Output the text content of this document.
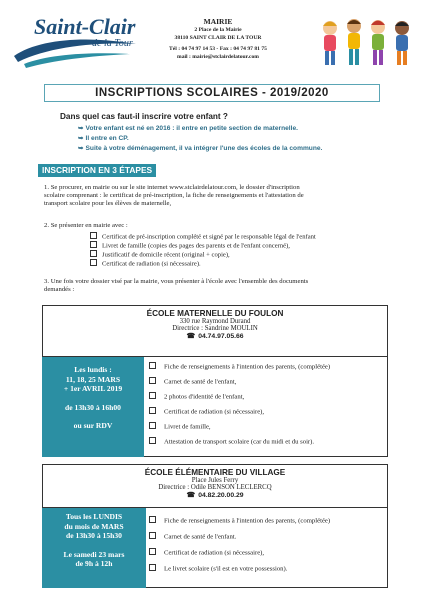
Saint-Clair
de la Tour
MAIRIE
2 Place de la Mairie
38110 SAINT CLAIR DE LA TOUR
Tél : 04 74 97 14 53 - Fax : 04 74 97 81 75
mail : mairie@stclairdelatour.com
INSCRIPTIONS SCOLAIRES - 2019/2020
Dans quel cas faut-il inscrire votre enfant ?
➥ Votre enfant est né en 2016 : il entre en petite section de maternelle.
➥ Il entre en CP.
➥ Suite à votre déménagement, il va intégrer l'une des écoles de la commune.
INSCRIPTION EN 3 ÉTAPES : 1. Se procurer, en mairie ou sur le site internet www.stclairdelatour.com, le dossier d'inscription
scolaire comprenant : le certificat de pré-inscription, la fiche de renseignements et l'attestation de
transport scolaire pour les élèves de maternelle,
2. Se présenter en mairie avec :
Certificat de pré-inscription complété et signé par le responsable légal de l'enfant
Livret de famille (copies des pages des parents et de l'enfant concerné),
Justificatif de domicile récent (original + copie),
Certificat de radiation (si nécessaire).
3. Une fois votre dossier visé par la mairie, vous présenter à l'école avec l'ensemble des documents
demandés :
ÉCOLE MATERNELLE DU FOULON
330 rue Raymond Durand
Directrice : Sandrine MOULIN
☎ 04.74.97.05.66
Les lundis :
11, 18, 25 MARS
+ 1er AVRIL 2019
de 13h30 à 16h00
ou sur RDV
Fiche de renseignements à l'intention des parents, (complétée)
Carnet de santé de l'enfant,
2 photos d'identité de l'enfant,
Certificat de radiation (si nécessaire),
Livret de famille,
Attestation de transport scolaire (car du midi et du soir).
ÉCOLE ÉLÉMENTAIRE DU VILLAGE
Place Jules Ferry
Directrice : Odile BENSON LECLERCQ
☎ 04.82.20.00.29
Tous les LUNDIS
du mois de MARS
de 13h30 à 15h30
Le samedi 23 mars
de 9h à 12h
Fiche de renseignements à l'intention des parents, (complétée)
Carnet de santé de l'enfant.
Certificat de radiation (si nécessaire),
Le livret scolaire (s'il est en votre possession).
